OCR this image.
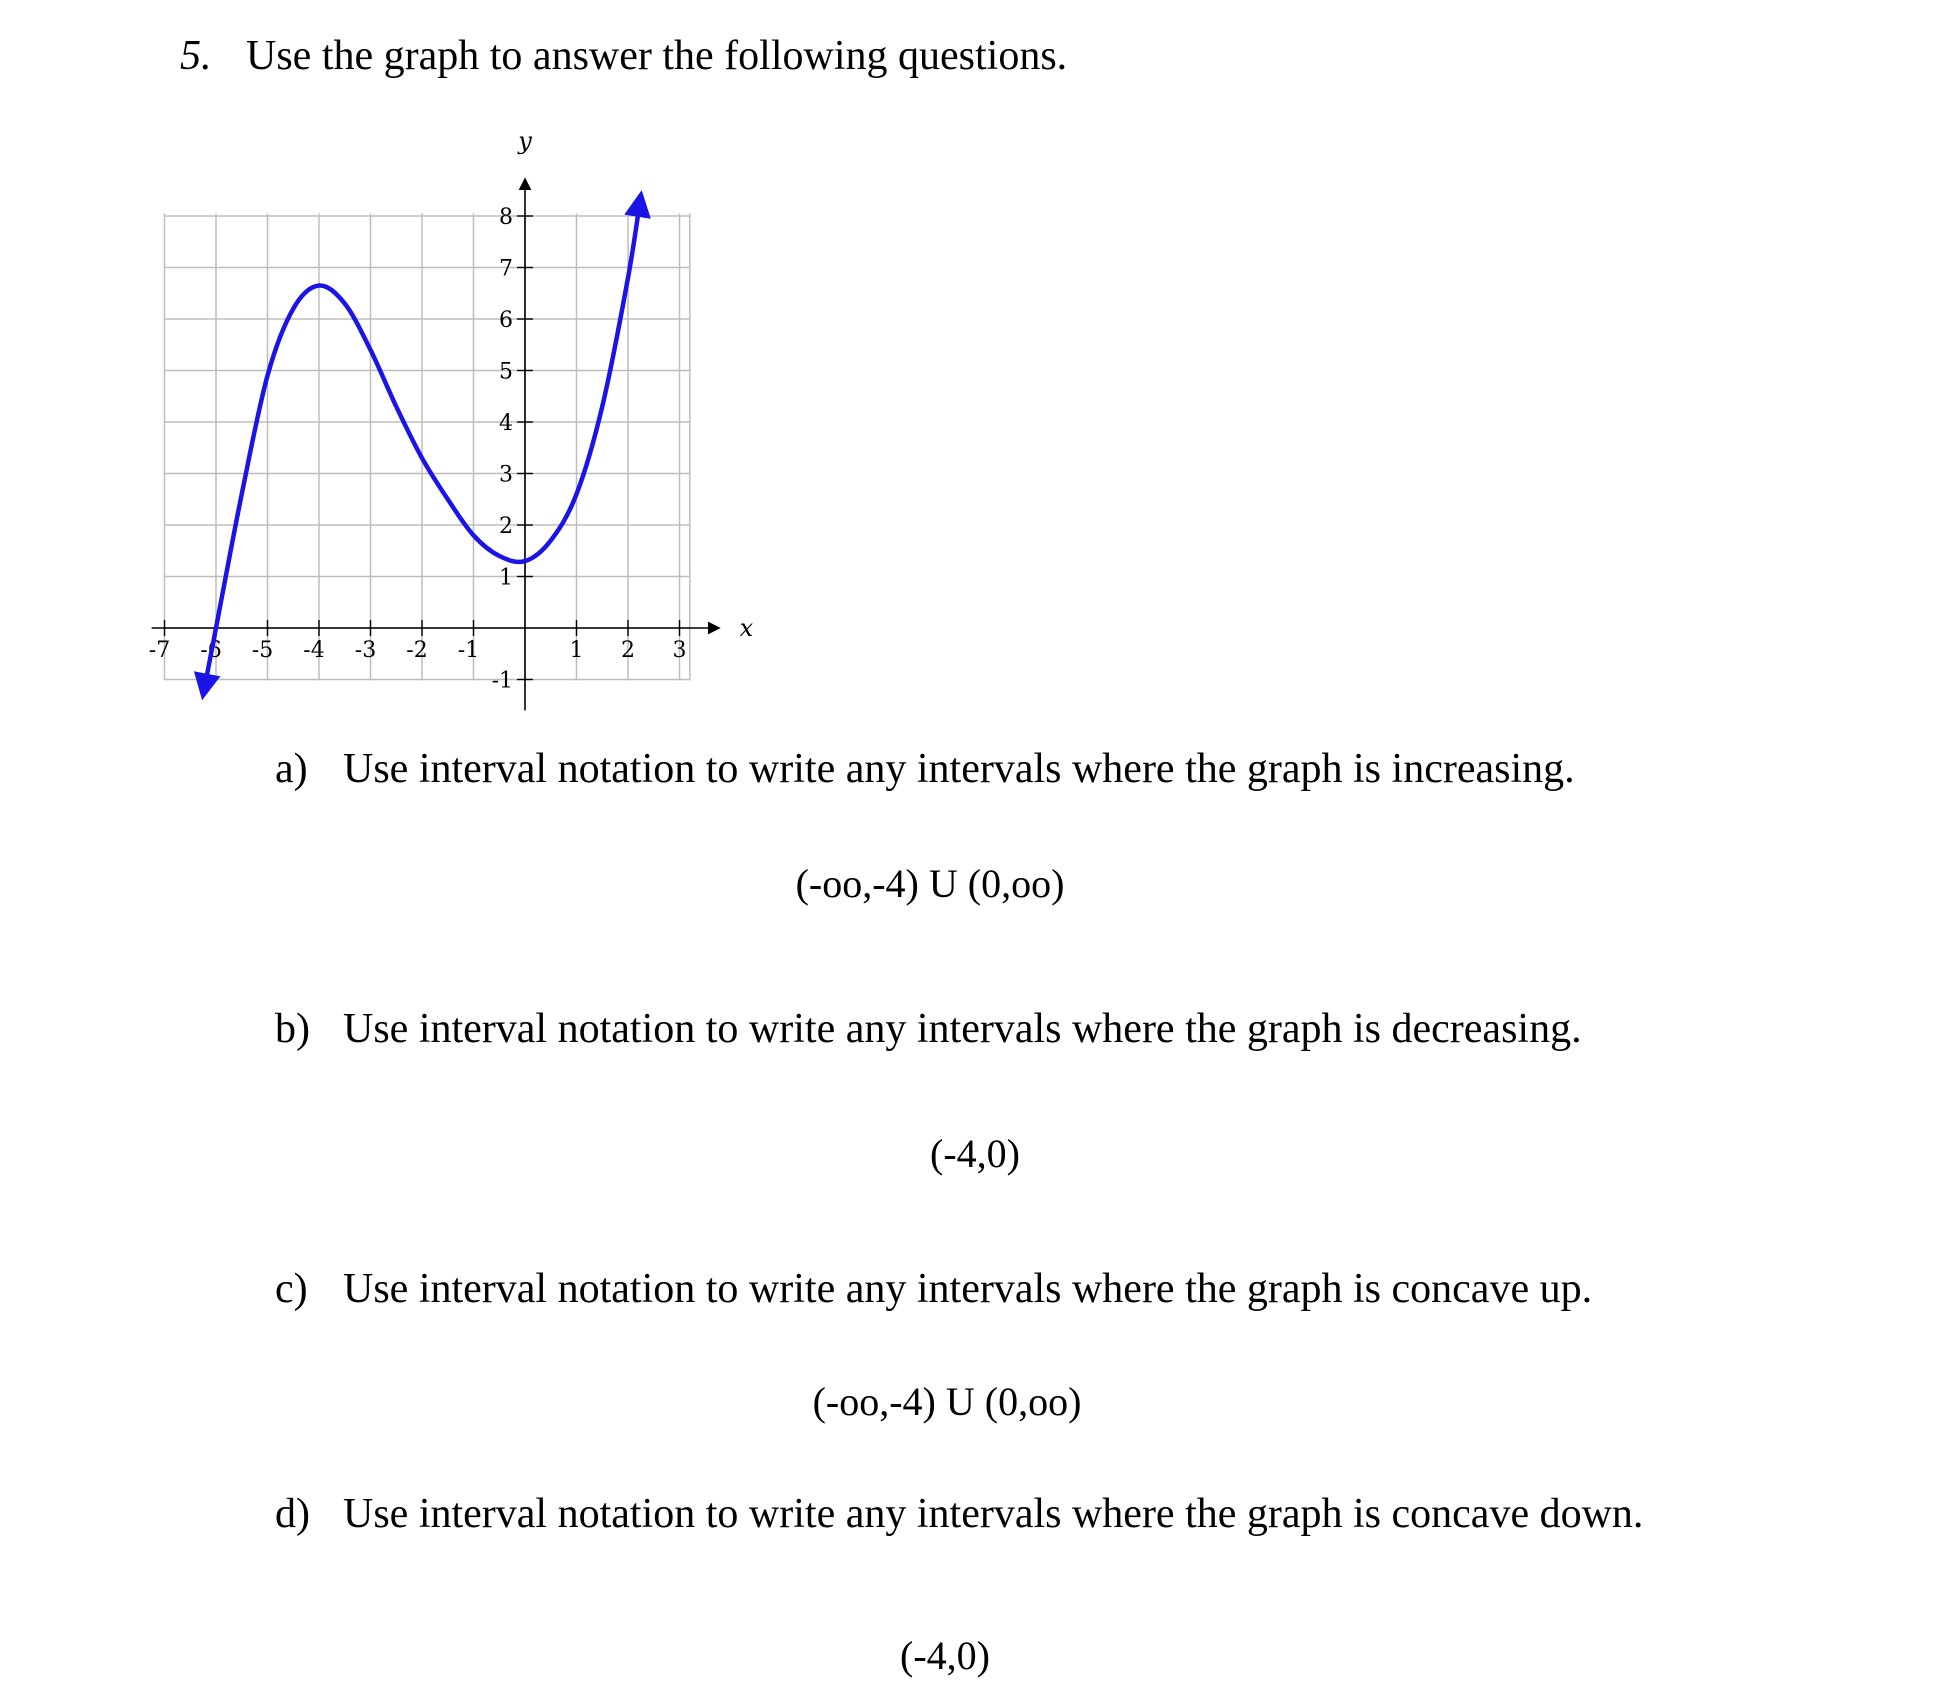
5. Use the graph to answer the following questions.
x
y
-7 -6 -5 -4 -3 -2 -1	1 2 3
-1
1
2
3
4
5
6
7
8
a) Use interval notation to write any intervals where the graph is increasing.
(-oo,-4) U (0,oo)
b) Use interval notation to write any intervals where the graph is decreasing.
(-4,0)
c) Use interval notation to write any intervals where the graph is concave up.
(-oo,-4) U (0,oo)
d) Use interval notation to write any intervals where the graph is concave down.
(-4,0)
